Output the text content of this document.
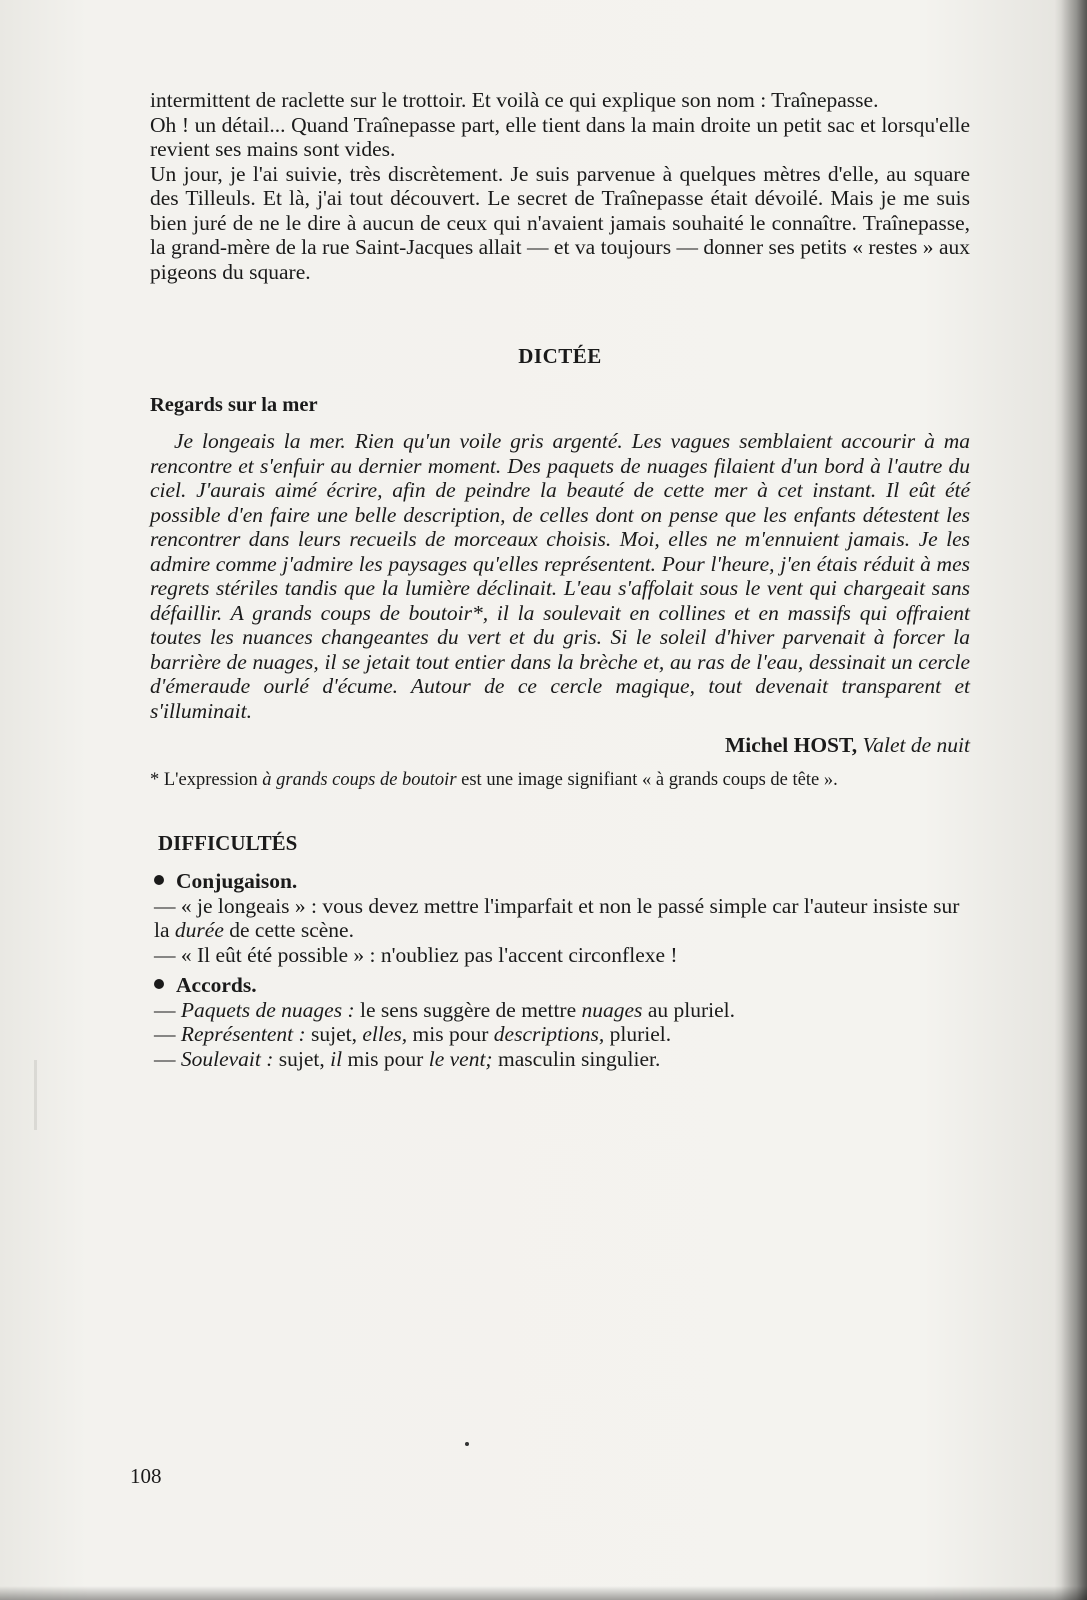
intermittent de raclette sur le trottoir. Et voilà ce qui explique son nom : Traînepasse.

Oh ! un détail... Quand Traînepasse part, elle tient dans la main droite un petit sac et lorsqu'elle revient ses mains sont vides.

Un jour, je l'ai suivie, très discrètement. Je suis parvenue à quelques mètres d'elle, au square des Tilleuls. Et là, j'ai tout découvert. Le secret de Traînepasse était dévoilé. Mais je me suis bien juré de ne le dire à aucun de ceux qui n'avaient jamais souhaité le connaître. Traînepasse, la grand-mère de la rue Saint-Jacques allait — et va toujours — donner ses petits « restes » aux pigeons du square.

DICTÉE
Regards sur la mer

Je longeais la mer. Rien qu'un voile gris argenté. Les vagues semblaient accourir à ma rencontre et s'enfuir au dernier moment. Des paquets de nuages filaient d'un bord à l'autre du ciel. J'aurais aimé écrire, afin de peindre la beauté de cette mer à cet instant. Il eût été possible d'en faire une belle description, de celles dont on pense que les enfants détestent les rencontrer dans leurs recueils de morceaux choisis. Moi, elles ne m'ennuient jamais. Je les admire comme j'admire les paysages qu'elles représentent. Pour l'heure, j'en étais réduit à mes regrets stériles tandis que la lumière déclinait. L'eau s'affolait sous le vent qui chargeait sans défaillir. A grands coups de boutoir*, il la soulevait en collines et en massifs qui offraient toutes les nuances changeantes du vert et du gris. Si le soleil d'hiver parvenait à forcer la barrière de nuages, il se jetait tout entier dans la brèche et, au ras de l'eau, dessinait un cercle d'émeraude ourlé d'écume. Autour de ce cercle magique, tout devenait transparent et s'illuminait.

Michel HOST, Valet de nuit

* L'expression à grands coups de boutoir est une image signifiant « à grands coups de tête ».

DIFFICULTÉS
Conjugaison.

— « je longeais » : vous devez mettre l'imparfait et non le passé simple car l'auteur insiste sur la durée de cette scène.

— « Il eût été possible » : n'oubliez pas l'accent circonflexe !

Accords.

— Paquets de nuages : le sens suggère de mettre nuages au pluriel.

— Représentent : sujet, elles, mis pour descriptions, pluriel.

— Soulevait : sujet, il mis pour le vent; masculin singulier.

108
